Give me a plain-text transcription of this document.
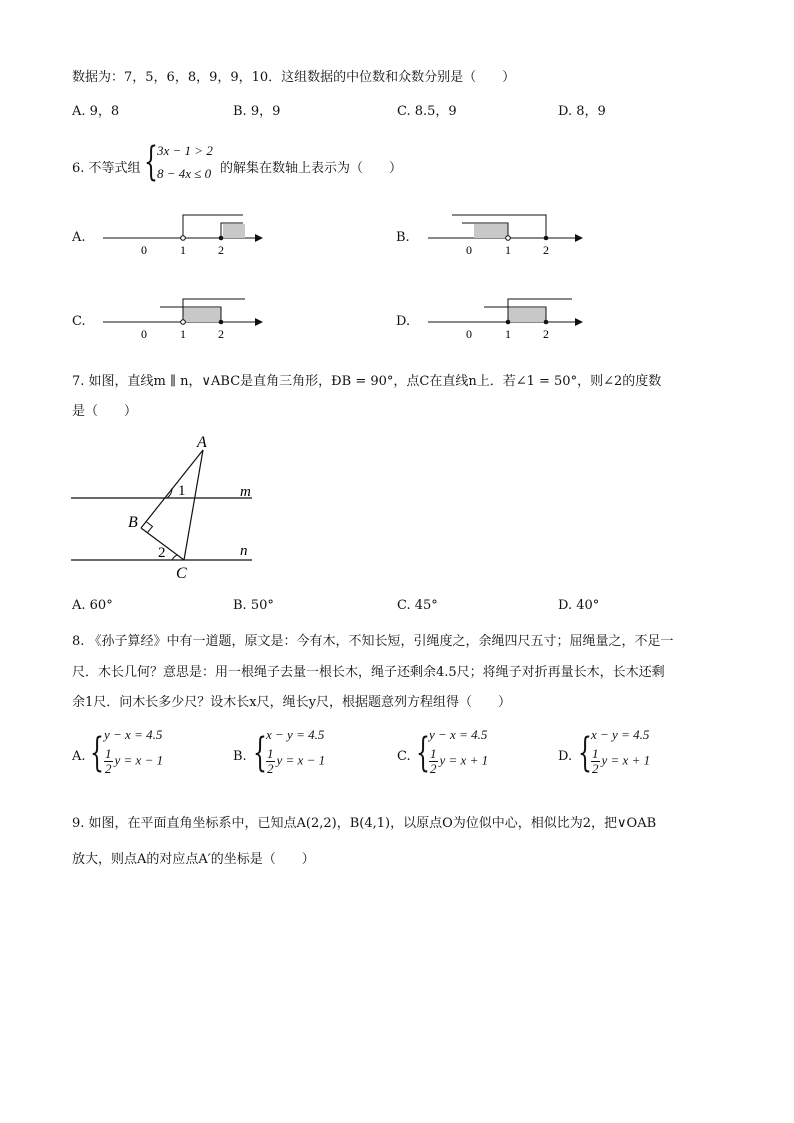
数据为：7，5，6，8，9，9，10．这组数据的中位数和众数分别是（　　）
A. 9，8	B. 9，9	C. 8.5，9	D. 8，9
6. 不等式组 { 3x − 1 > 2
8 − 4x ≤ 0 的解集在数轴上表示为（　　）
A.
0	1	2
B.
0	1	2
C.
0	1	2
D.
0	1	2
7. 如图，直线m ∥ n，∨ABC是直角三角形，ÐB = 90°，点C在直线n上．若∠1 = 50°，则∠2的度数
是（　　）
A
B
C
m
n
1
2
A. 60°	B. 50°	C. 45°	D. 40°
8. 《孙子算经》中有一道题，原文是：今有木，不知长短，引绳度之，余绳四尺五寸；屈绳量之，不足一
尺．木长几何？意思是：用一根绳子去量一根长木，绳子还剩余4.5尺；将绳子对折再量长木，长木还剩
余1尺．问木长多少尺？设木长x尺，绳长y尺，根据题意列方程组得（　　）
A. { y − x = 4.5
$\frac{1}{2}$ y = x − 1	B. { x − y = 4.5
$\frac{1}{2}$ y = x − 1	C. { y − x = 4.5
$\frac{1}{2}$ y = x + 1	D. { x − y = 4.5
$\frac{1}{2}$ y = x + 1
9. 如图，在平面直角坐标系中，已知点A(2,2)，B(4,1)，以原点O为位似中心，相似比为2，把∨OAB
放大，则点A的对应点A′的坐标是（　　）
